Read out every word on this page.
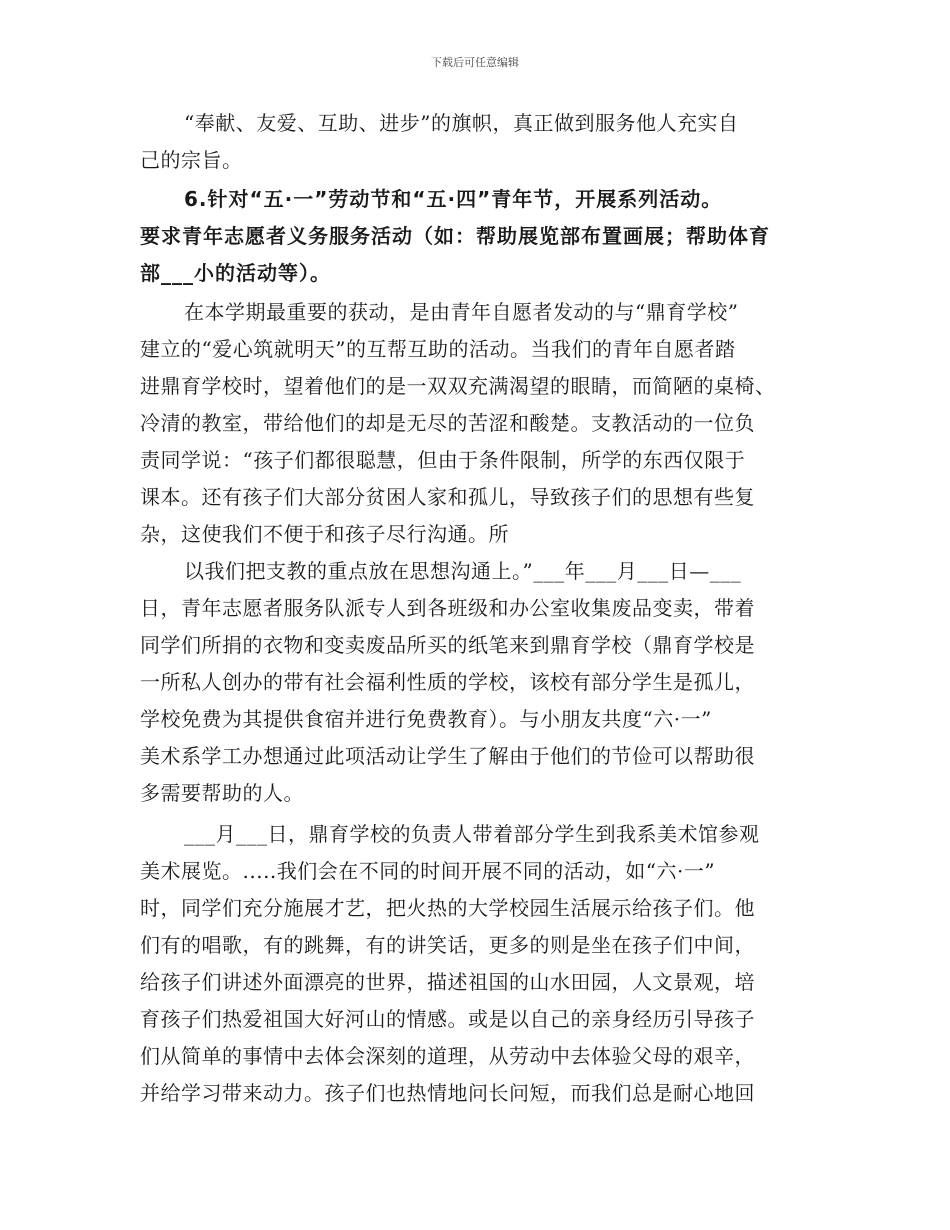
下载后可任意编辑
“奉献、友爱、互助、进步”的旗帜，真正做到服务他人充实自
己的宗旨。
6.针对“五·一”劳动节和“五·四”青年节，开展系列活动。
要求青年志愿者义务服务活动（如：帮助展览部布置画展；帮助体育
部___小的活动等）。
在本学期最重要的获动，是由青年自愿者发动的与“鼎育学校”
建立的“爱心筑就明天”的互帮互助的活动。当我们的青年自愿者踏
进鼎育学校时，望着他们的是一双双充满渴望的眼睛，而简陋的桌椅、
冷清的教室，带给他们的却是无尽的苦涩和酸楚。支教活动的一位负
责同学说：“孩子们都很聪慧，但由于条件限制，所学的东西仅限于
课本。还有孩子们大部分贫困人家和孤儿，导致孩子们的思想有些复
杂，这使我们不便于和孩子尽行沟通。所
以我们把支教的重点放在思想沟通上。”___年___月___日—___
日，青年志愿者服务队派专人到各班级和办公室收集废品变卖，带着
同学们所捐的衣物和变卖废品所买的纸笔来到鼎育学校（鼎育学校是
一所私人创办的带有社会福利性质的学校，该校有部分学生是孤儿，
学校免费为其提供食宿并进行免费教育）。与小朋友共度“六·一”
美术系学工办想通过此项活动让学生了解由于他们的节俭可以帮助很
多需要帮助的人。
___月___日，鼎育学校的负责人带着部分学生到我系美术馆参观
美术展览。.....我们会在不同的时间开展不同的活动，如“六·一”
时，同学们充分施展才艺，把火热的大学校园生活展示给孩子们。他
们有的唱歌，有的跳舞，有的讲笑话，更多的则是坐在孩子们中间，
给孩子们讲述外面漂亮的世界，描述祖国的山水田园，人文景观，培
育孩子们热爱祖国大好河山的情感。或是以自己的亲身经历引导孩子
们从简单的事情中去体会深刻的道理，从劳动中去体验父母的艰辛，
并给学习带来动力。孩子们也热情地问长问短，而我们总是耐心地回
